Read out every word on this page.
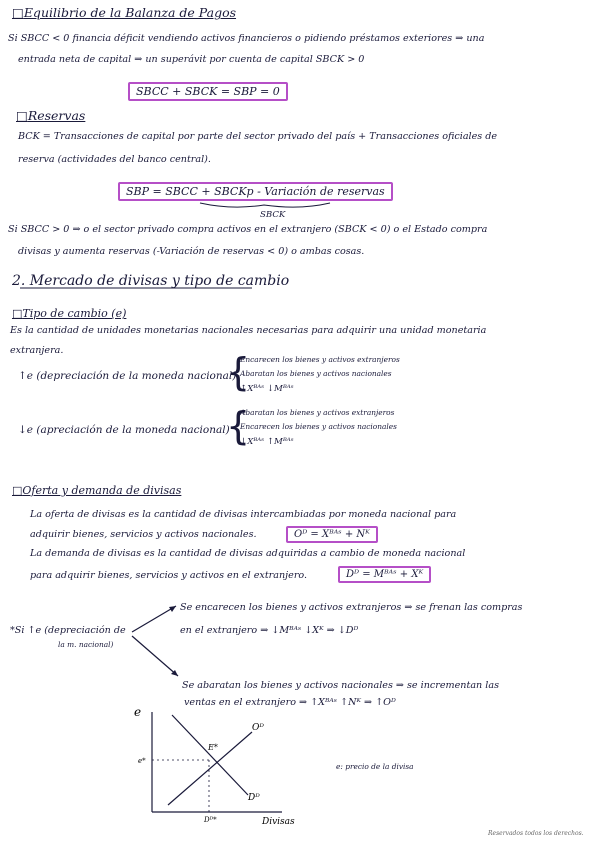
□Equilibrio de la Balanza de Pagos
Si SBCC < 0 financia déficit vendiendo activos financieros o pidiendo préstamos exteriores ⇒ una
entrada neta de capital ⇒ un superávit por cuenta de capital SBCK > 0
SBCC + SBCK = SBP = 0
□Reservas
BCK = Transacciones de capital por parte del sector privado del país + Transacciones oficiales de
reserva (actividades del banco central).
SBP = SBCC + SBCKp - Variación de reservas
SBCK
Si SBCC > 0 ⇒ o el sector privado compra activos en el extranjero (SBCK < 0) o el Estado compra
divisas y aumenta reservas (-Variación de reservas < 0) o ambas cosas.
2. Mercado de divisas y tipo de cambio
□Tipo de cambio (e)
Es la cantidad de unidades monetarias nacionales necesarias para adquirir una unidad monetaria
extranjera.
↑e (depreciación de la moneda nacional)
{
Encarecen los bienes y activos extranjeros
Abaratan los bienes y activos nacionales
↑Xᴮᴬˢ ↓Mᴮᴬˢ
↓e (apreciación de la moneda nacional)
{
Abaratan los bienes y activos extranjeros
Encarecen los bienes y activos nacionales
↓Xᴮᴬˢ ↑Mᴮᴬˢ
□Oferta y demanda de divisas
La oferta de divisas es la cantidad de divisas intercambiadas por moneda nacional para
adquirir bienes, servicios y activos nacionales.	Oᴰ = Xᴮᴬˢ + Nᴷ
La demanda de divisas es la cantidad de divisas adquiridas a cambio de moneda nacional
para adquirir bienes, servicios y activos en el extranjero.	Dᴰ = Mᴮᴬˢ + Xᴷ
*Si ↑e (depreciación de
la m. nacional)
Se encarecen los bienes y activos extranjeros ⇒ se frenan las compras
en el extranjero ⇒ ↓Mᴮᴬˢ ↓Xᴷ ⇒ ↓Dᴰ
Se abaratan los bienes y activos nacionales ⇒ se incrementan las
ventas en el extranjero ⇒ ↑Xᴮᴬˢ ↑Nᴷ ⇒ ↑Oᴰ
e
Divisas
Oᴰ
Dᴰ
E*
e*
Dᴰ*
e: precio de la divisa
Reservados todos los derechos.
